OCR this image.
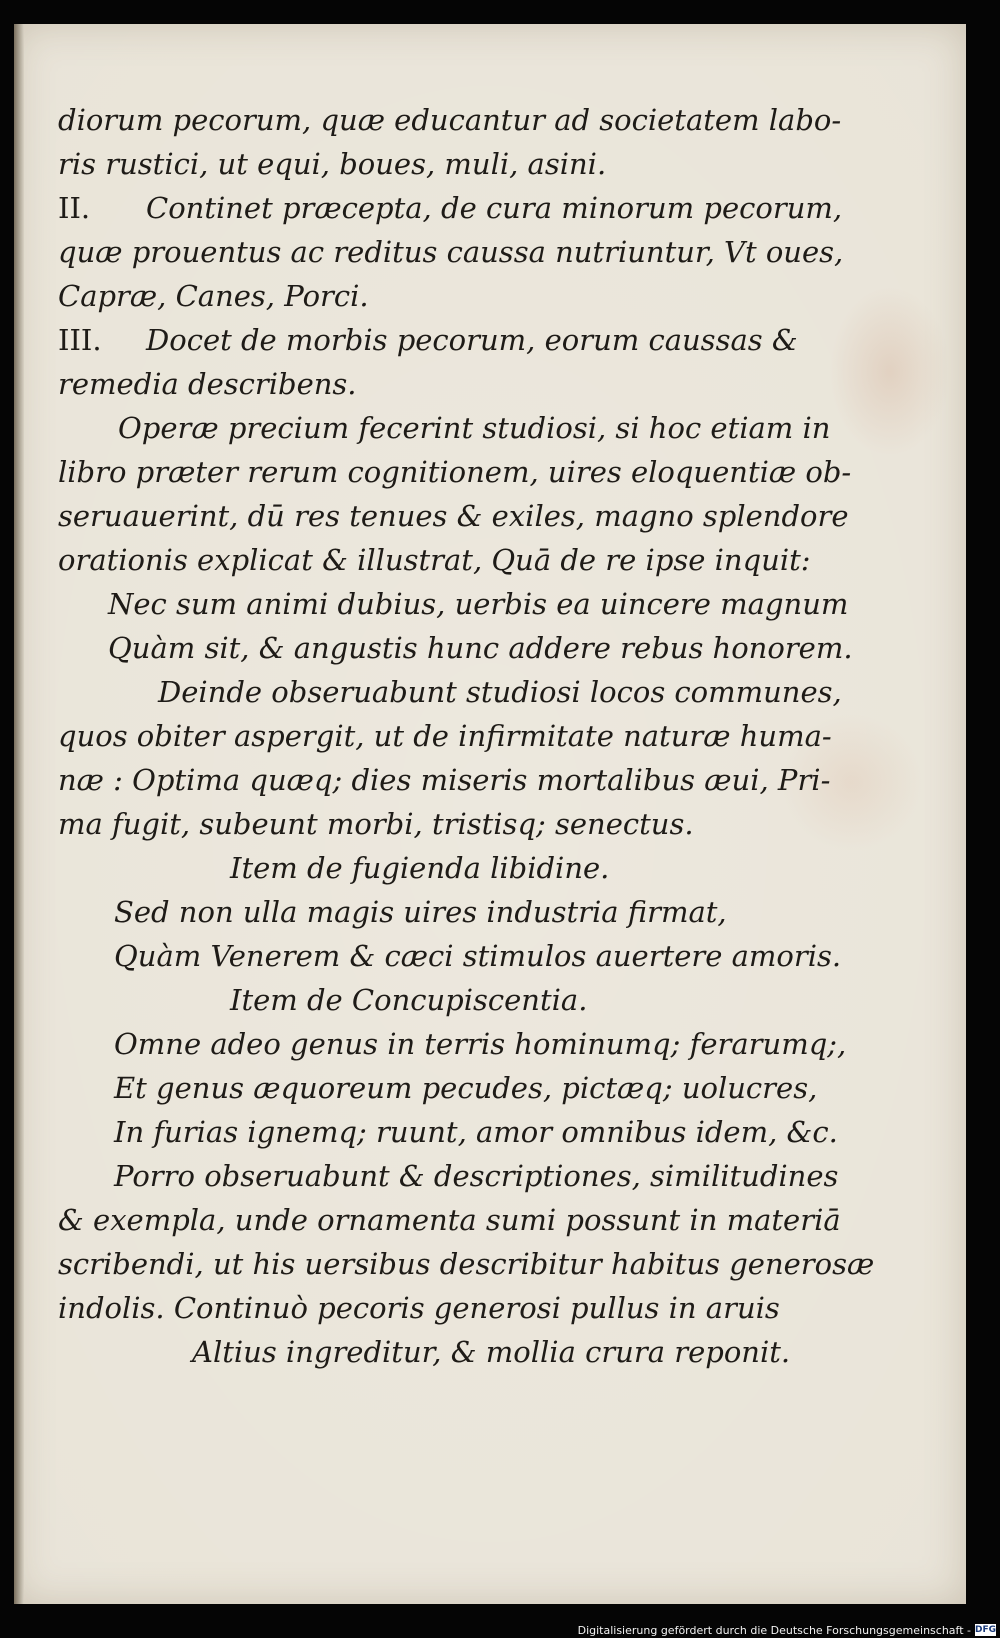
diorum pecorum, quæ educantur ad societatem labo-
ris rustici, ut equi, boues, muli, asini.
II. Continet præcepta, de cura minorum pecorum,
quæ prouentus ac reditus caussa nutriuntur, Vt oues,
Capræ, Canes, Porci.
III. Docet de morbis pecorum, eorum caussas &
remedia describens.
Operæ precium fecerint studiosi, si hoc etiam in
libro præter rerum cognitionem, uires eloquentiæ ob-
seruauerint, dū res tenues & exiles, magno splendore
orationis explicat & illustrat, Quā de re ipse inquit:
Nec sum animi dubius, uerbis ea uincere magnum
Quàm sit, & angustis hunc addere rebus honorem.
Deinde obseruabunt studiosi locos communes,
quos obiter aspergit, ut de infirmitate naturæ huma-
næ : Optima quæq; dies miseris mortalibus æui, Pri-
ma fugit, subeunt morbi, tristisq; senectus.
Item de fugienda libidine.
Sed non ulla magis uires industria firmat,
Quàm Venerem & cæci stimulos auertere amoris.
Item de Concupiscentia.
Omne adeo genus in terris hominumq; ferarumq;,
Et genus æquoreum pecudes, pictæq; uolucres,
In furias ignemq; ruunt, amor omnibus idem, &c.
Porro obseruabunt & descriptiones, similitudines
& exempla, unde ornamenta sumi possunt in materiā
scribendi, ut his uersibus describitur habitus generosæ
indolis. Continuò pecoris generosi pullus in aruis
Altius ingreditur, & mollia crura reponit.
Digitalisierung gefördert durch die Deutsche Forschungsgemeinschaft - DFG
